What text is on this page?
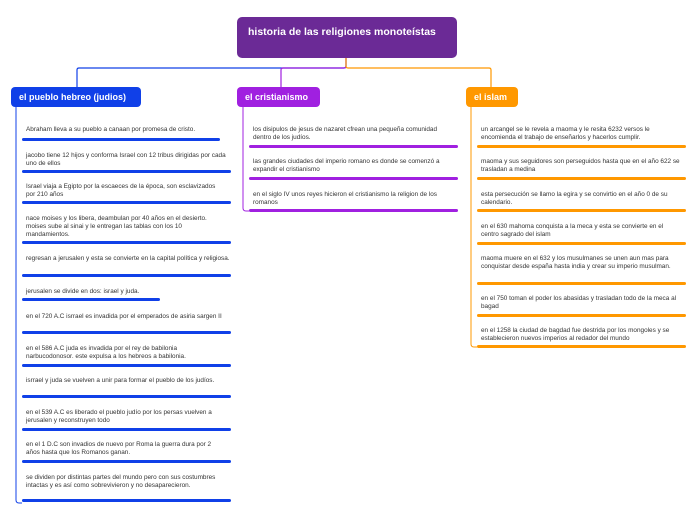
historia de las religiones monoteístas
el pueblo hebreo (judios)	el cristianismo	el islam
Abraham lleva a su pueblo a canaan por promesa de cristo.
jacobo tiene 12 hijos y conforma Israel con 12 tribus dirigidas por cada uno de ellos
Israel viaja a Egipto por la escaeces de la época, son esclavizados por 210 años
nace moises y los libera, deambulan por 40 años en el desierto. moises sube al sinai y le entregan las tablas con los 10 mandamientos.
regresan a jerusalen y esta se convierte en la capital política y religiosa.
jerusalen se divide en dos: israel y juda.
en el 720 A.C isrrael es invadida por el emperados de asiria sargen II
en el 586 A.C juda es invadida por el rey de babilonia narbucodonosor. este expulsa a los hebreos a babilonia.
isrrael y juda se vuelven a unir para formar el pueblo de los judíos.
en el 539 A.C es liberado el pueblo judío por los persas vuelven a jerusalen y reconstruyen todo
en el 1 D.C son invadios de nuevo por Roma la guerra dura por 2 años hasta que los Romanos ganan.
se dividen por distintas partes del mundo pero con sus costumbres intactas y es así como sobrevivieron y no desaparecieron.
los disipulos de jesus de nazaret cfrean una pequeña comunidad dentro de los judíos.
las grandes ciudades del imperio romano es donde se comenzó a expandir el cristianismo
en el siglo IV unos reyes hicieron el cristianismo la religion de los romanos
un arcangel se le revela a maoma y le resita 6232 versos le encomienda el trabajo de enseñarlos y hacerlos cumplir.
maoma y sus seguidores son perseguidos hasta que en el año 622 se trasladan a medina
esta persecución se llamo la egira y se convirtio en el año 0 de su calendario.
en el 630 mahoma conquista a la meca y esta se convierte en el centro sagrado del islam
maoma muere en el 632 y los musulmanes se unen aun mas para conquistar desde españa hasta india y crear su imperio musulman.
en el 750 toman el poder los abasidas y trasladan todo de la meca al bagad
en el 1258 la ciudad de bagdad fue destrida por los mongoles y se establecieron nuevos imperios al redador del mundo
